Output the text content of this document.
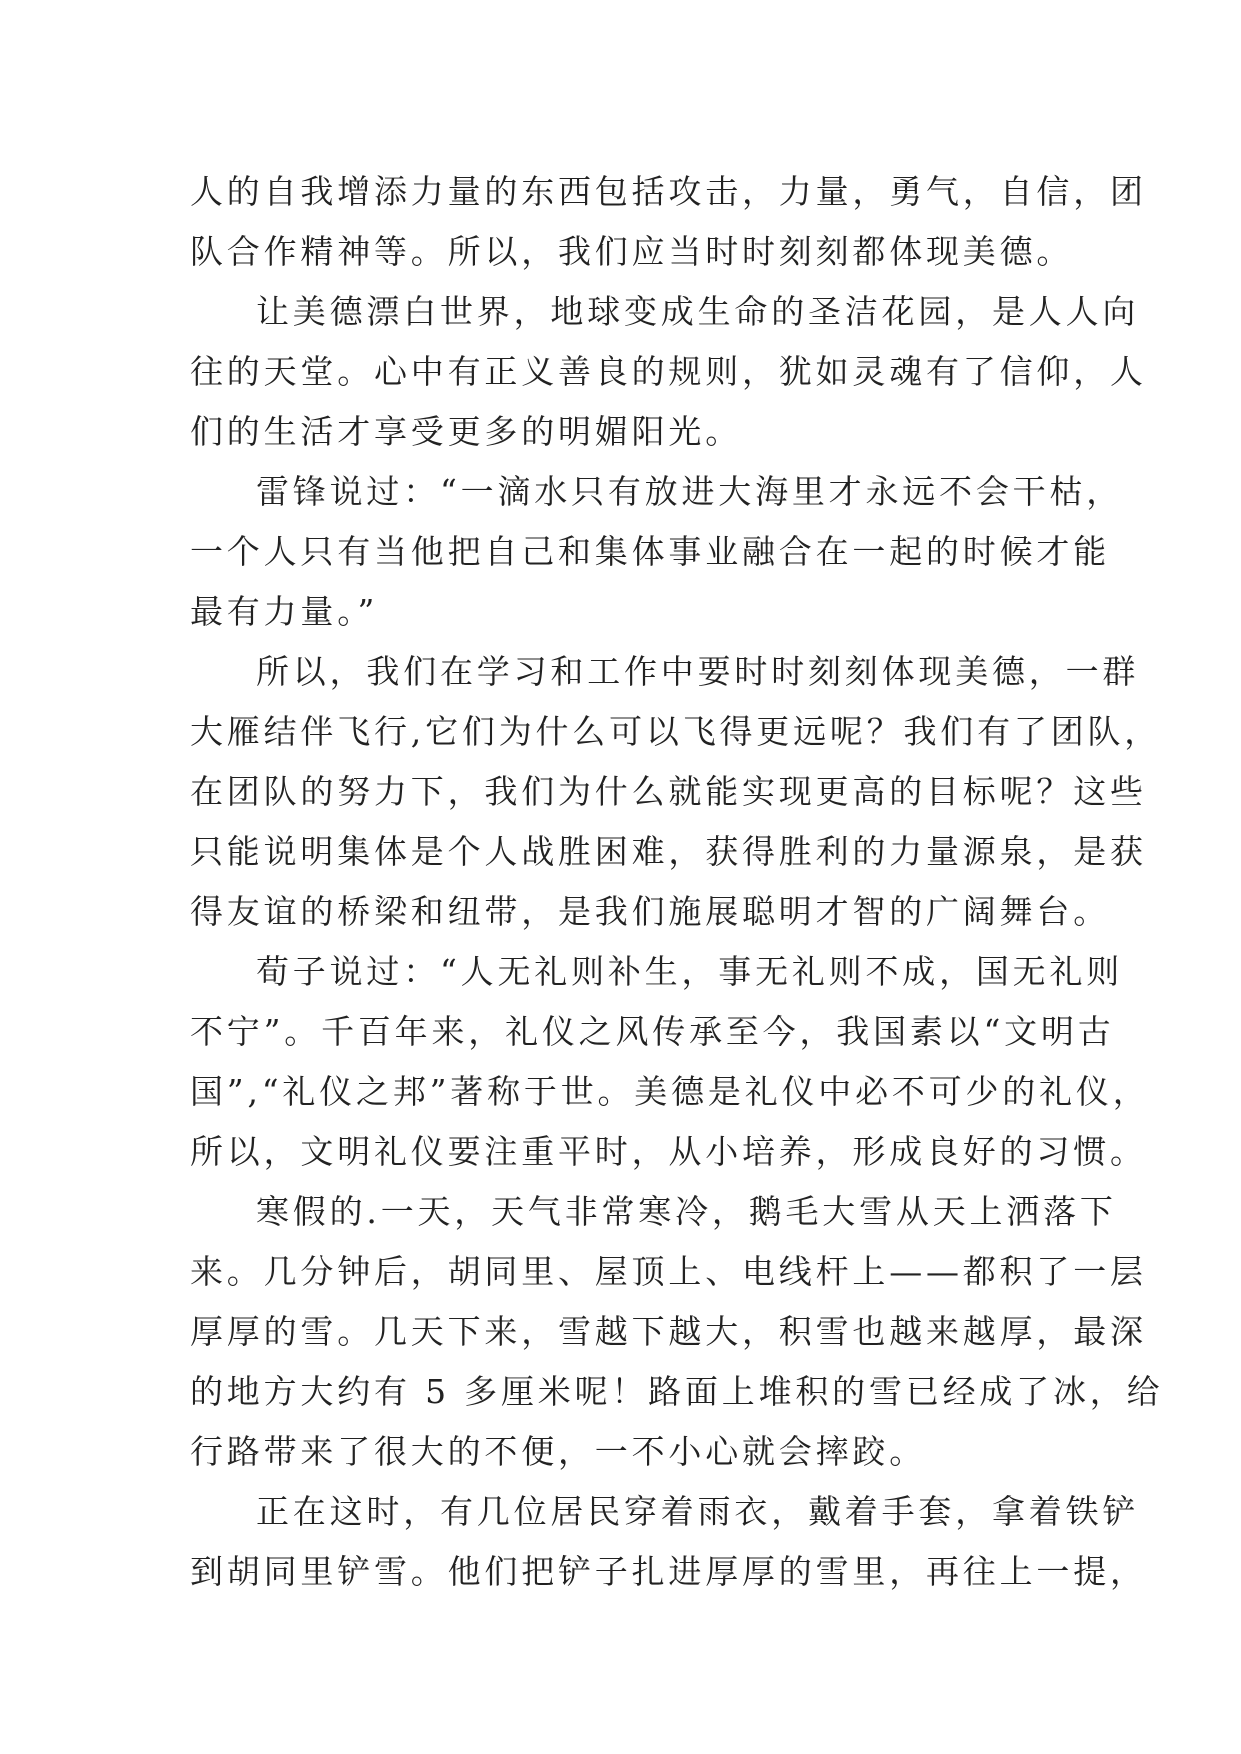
人的自我增添力量的东西包括攻击，力量，勇气，自信，团
队合作精神等。所以，我们应当时时刻刻都体现美德。
让美德漂白世界，地球变成生命的圣洁花园，是人人向
往的天堂。心中有正义善良的规则，犹如灵魂有了信仰，人
们的生活才享受更多的明媚阳光。
雷锋说过：“一滴水只有放进大海里才永远不会干枯，
一个人只有当他把自己和集体事业融合在一起的时候才能
最有力量。”
所以，我们在学习和工作中要时时刻刻体现美德，一群
大雁结伴飞行,它们为什么可以飞得更远呢？我们有了团队，
在团队的努力下，我们为什么就能实现更高的目标呢？这些
只能说明集体是个人战胜困难，获得胜利的力量源泉，是获
得友谊的桥梁和纽带，是我们施展聪明才智的广阔舞台。
荀子说过：“人无礼则补生，事无礼则不成，国无礼则
不宁”。千百年来，礼仪之风传承至今，我国素以“文明古
国”,“礼仪之邦”著称于世。美德是礼仪中必不可少的礼仪，
所以，文明礼仪要注重平时，从小培养，形成良好的习惯。
寒假的.一天，天气非常寒冷，鹅毛大雪从天上洒落下
来。几分钟后，胡同里、屋顶上、电线杆上——都积了一层
厚厚的雪。几天下来，雪越下越大，积雪也越来越厚，最深
的地方大约有 5 多厘米呢！路面上堆积的雪已经成了冰，给
行路带来了很大的不便，一不小心就会摔跤。
正在这时，有几位居民穿着雨衣，戴着手套，拿着铁铲
到胡同里铲雪。他们把铲子扎进厚厚的雪里，再往上一提，
